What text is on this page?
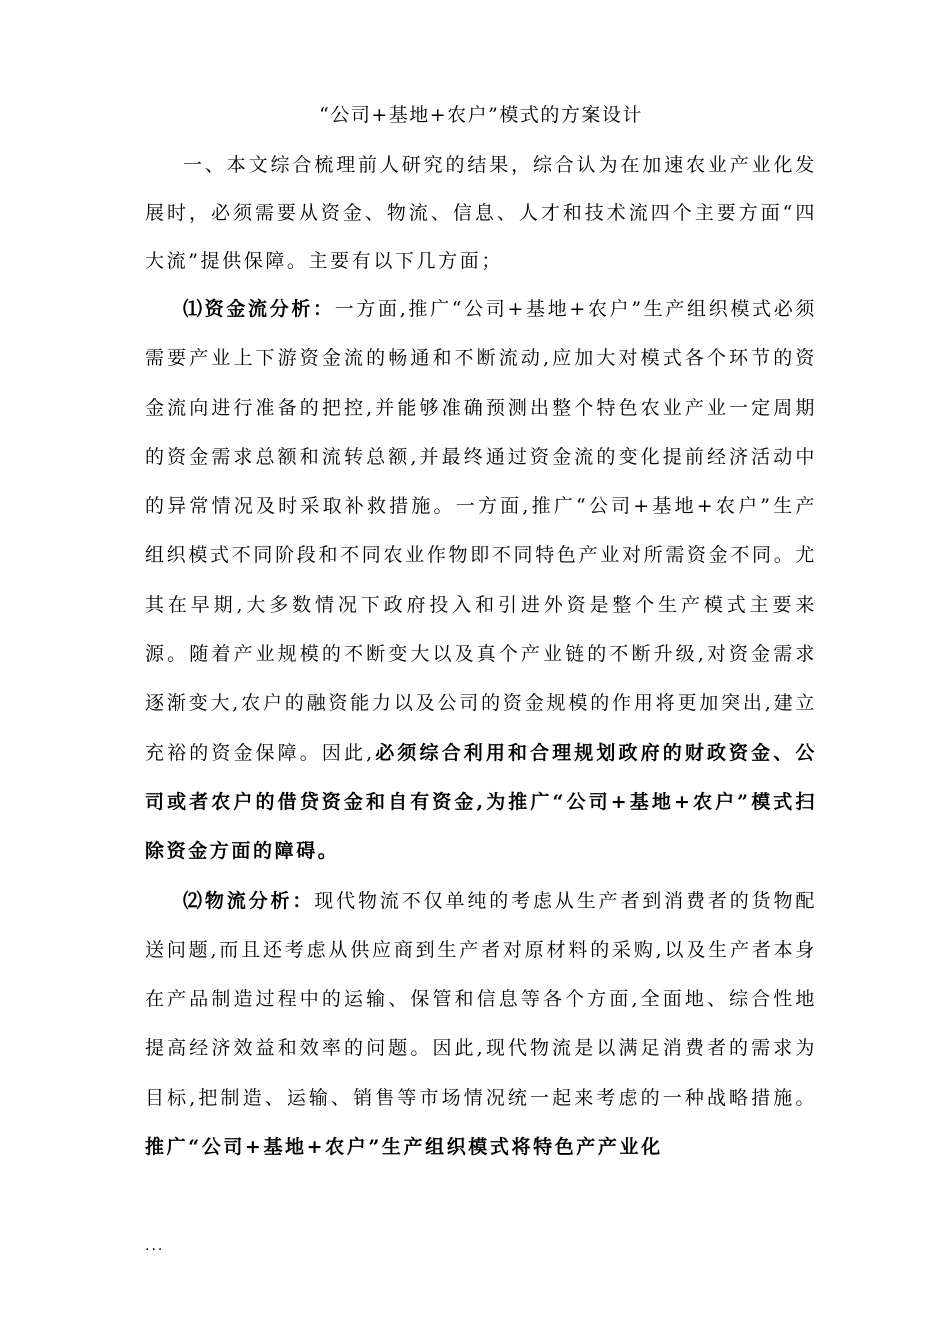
“公司+基地+农户”模式的方案设计

一、本文综合梳理前人研究的结果，综合认为在加速农业产业化发展时，必须需要从资金、物流、信息、人才和技术流四个主要方面“四大流”提供保障。主要有以下几方面；

⑴资金流分析：一方面,推广“公司+基地+农户”生产组织模式必须需要产业上下游资金流的畅通和不断流动,应加大对模式各个环节的资金流向进行准备的把控,并能够准确预测出整个特色农业产业一定周期的资金需求总额和流转总额,并最终通过资金流的变化提前经济活动中的异常情况及时采取补救措施。一方面,推广“公司+基地+农户”生产组织模式不同阶段和不同农业作物即不同特色产业对所需资金不同。尤其在早期,大多数情况下政府投入和引进外资是整个生产模式主要来源。随着产业规模的不断变大以及真个产业链的不断升级,对资金需求逐渐变大,农户的融资能力以及公司的资金规模的作用将更加突出,建立充裕的资金保障。因此,必须综合利用和合理规划政府的财政资金、公司或者农户的借贷资金和自有资金,为推广“公司+基地+农户”模式扫除资金方面的障碍。

⑵物流分析：现代物流不仅单纯的考虑从生产者到消费者的货物配送问题,而且还考虑从供应商到生产者对原材料的采购,以及生产者本身在产品制造过程中的运输、保管和信息等各个方面,全面地、综合性地提高经济效益和效率的问题。因此,现代物流是以满足消费者的需求为目标,把制造、运输、销售等市场情况统一起来考虑的一种战略措施。推广“公司+基地+农户”生产组织模式将特色产产业化

...
